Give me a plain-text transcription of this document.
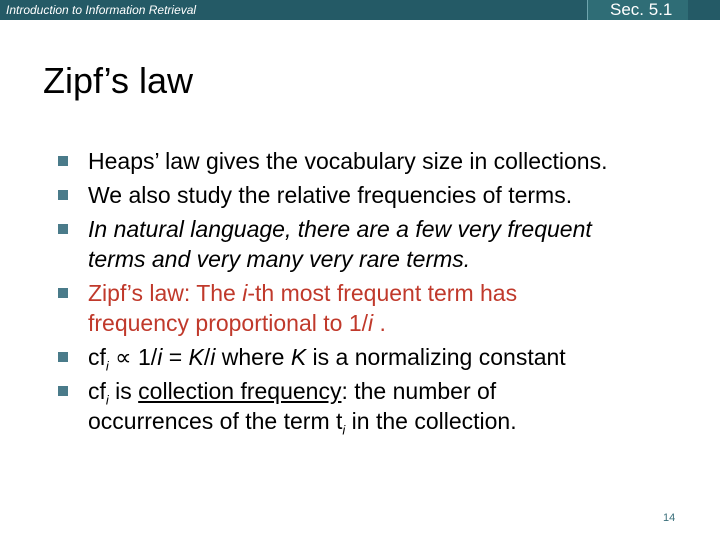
Introduction to Information Retrieval	Sec. 5.1
Zipf’s law
Heaps’ law gives the vocabulary size in collections.
We also study the relative frequencies of terms.
In natural language, there are a few very frequent
terms and very many very rare terms.
Zipf’s law: The i-th most frequent term has
frequency proportional to 1/i .
$cf_i \propto 1/i = K/i$ where K is a normalizing constant
$cf_i$ is collection frequency: the number of
occurrences of the term $t_i$ in the collection.
14
